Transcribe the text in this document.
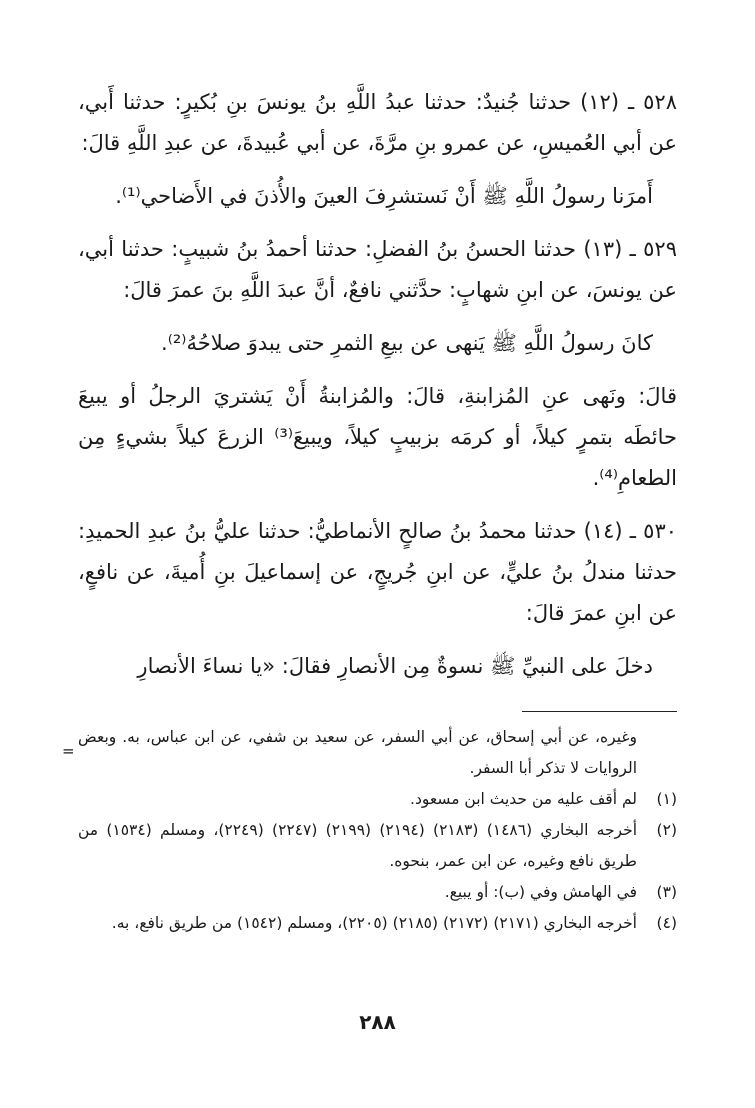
٥٢٨ ـ (١٢) حدثنا جُنيدٌ: حدثنا عبدُ اللَّهِ بنُ يونسَ بنِ بُكيرٍ: حدثنا أَبي، عن أبي العُميسِ، عن عمرو بنِ مرَّةَ، عن أبي عُبيدةَ، عن عبدِ اللَّهِ قالَ:

أَمرَنا رسولُ اللَّهِ ﷺ أَنْ نَستشرِفَ العينَ والأُذنَ في الأَضاحي⁽¹⁾.

٥٢٩ ـ (١٣) حدثنا الحسنُ بنُ الفضلِ: حدثنا أحمدُ بنُ شبيبٍ: حدثنا أبي، عن يونسَ، عن ابنِ شهابٍ: حدَّثني نافعٌ، أنَّ عبدَ اللَّهِ بنَ عمرَ قالَ:

كانَ رسولُ اللَّهِ ﷺ يَنهى عن بيعِ الثمرِ حتى يبدوَ صلاحُهُ⁽²⁾.

قالَ: ونَهى عنِ المُزابنةِ، قالَ: والمُزابنةُ أَنْ يَشتريَ الرجلُ أو يبيعَ حائطَه بتمرٍ كيلاً، أو كرمَه بزبيبٍ كيلاً، ويبيعَ⁽³⁾ الزرعَ كيلاً بشيءٍ مِن الطعامِ⁽⁴⁾.

٥٣٠ ـ (١٤) حدثنا محمدُ بنُ صالحٍ الأنماطيُّ: حدثنا عليُّ بنُ عبدِ الحميدِ: حدثنا مندلُ بنُ عليٍّ، عن ابنِ جُريجٍ، عن إسماعيلَ بنِ أُميةَ، عن نافعٍ، عن ابنِ عمرَ قالَ:

دخلَ على النبيِّ ﷺ نسوةٌ مِن الأنصارِ فقالَ: «يا نساءَ الأنصارِ

=
وغيره، عن أبي إسحاق، عن أبي السفر، عن سعيد بن شفي، عن ابن عباس، به. وبعض الروايات لا تذكر أبا السفر.
(١)
لم أقف عليه من حديث ابن مسعود.
(٢)
أخرجه البخاري (١٤٨٦) (٢١٨٣) (٢١٩٤) (٢١٩٩) (٢٢٤٧) (٢٢٤٩)، ومسلم (١٥٣٤) من طريق نافع وغيره، عن ابن عمر، بنحوه.
(٣)
في الهامش وفي (ب): أو يبيع.
(٤)
أخرجه البخاري (٢١٧١) (٢١٧٢) (٢١٨٥) (٢٢٠٥)، ومسلم (١٥٤٢) من طريق نافع، به.
٢٨٨
